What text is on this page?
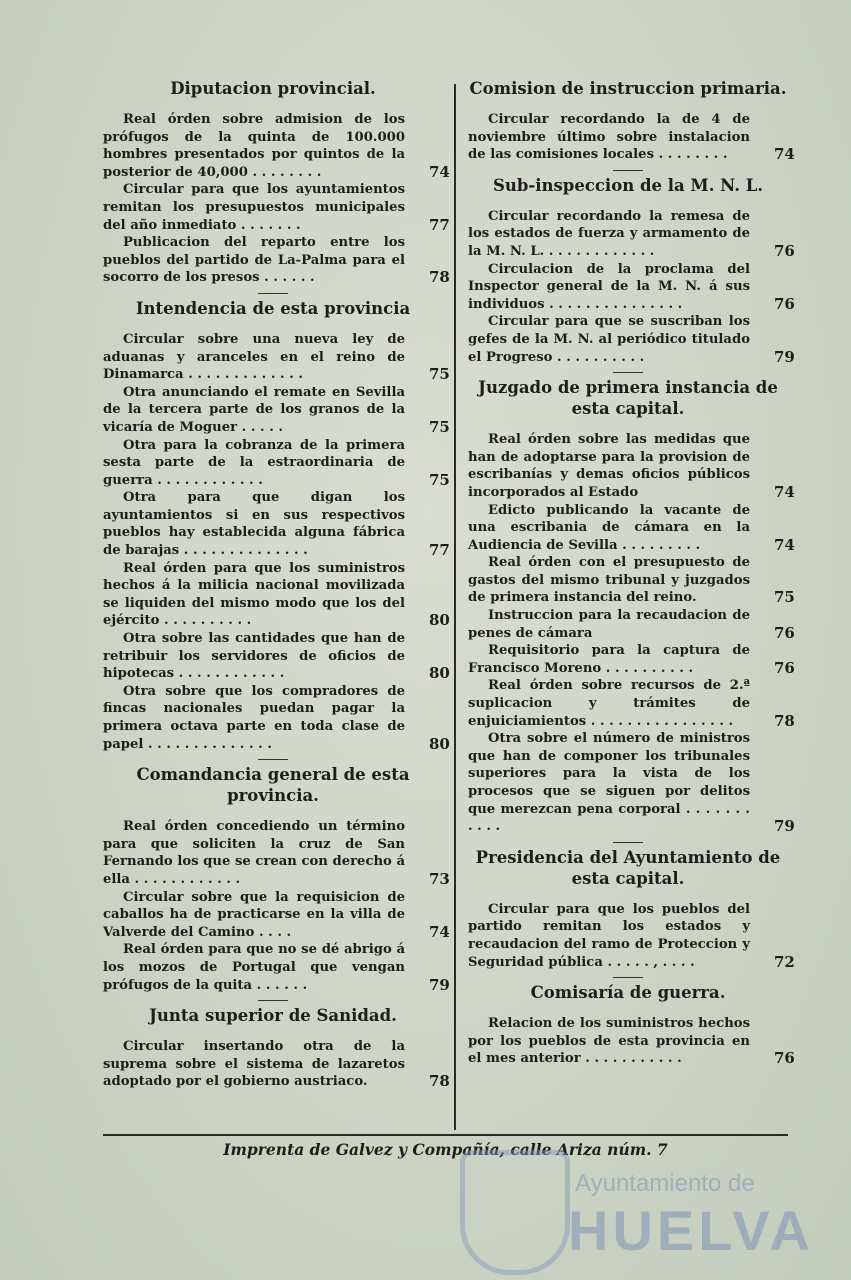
Diputacion provincial.
Real órden sobre admision de los prófugos de la quinta de 100.000 hombres presentados por quintos de la posterior de 40,000 . . . . . . . .	74
Circular para que los ayuntamientos remitan los presupuestos municipales del año inmediato . . . . . . .	77
Publicacion del reparto entre los pueblos del partido de La-Palma para el socorro de los presos . . . . . .	78
Intendencia de esta provincia
Circular sobre una nueva ley de aduanas y aranceles en el reino de Dinamarca . . . . . . . . . . . . .	75
Otra anunciando el remate en Sevilla de la tercera parte de los granos de la vicaría de Moguer . . . . .	75
Otra para la cobranza de la primera sesta parte de la estraordinaria de guerra . . . . . . . . . . . .	75
Otra para que digan los ayuntamientos si en sus respectivos pueblos hay establecida alguna fábrica de barajas . . . . . . . . . . . . . .	77
Real órden para que los suministros hechos á la milicia nacional movilizada se liquiden del mismo modo que los del ejército . . . . . . . . . .	80
Otra sobre las cantidades que han de retribuir los servidores de oficios de hipotecas . . . . . . . . . . . .	80
Otra sobre que los compradores de fincas nacionales puedan pagar la primera octava parte en toda clase de papel . . . . . . . . . . . . . .	80
Comandancia general de esta provincia.
Real órden concediendo un término para que soliciten la cruz de San Fernando los que se crean con derecho á ella . . . . . . . . . . . .	73
Circular sobre que la requisicion de caballos ha de practicarse en la villa de Valverde del Camino . . . .	74
Real órden para que no se dé abrigo á los mozos de Portugal que vengan prófugos de la quita . . . . . .	79
Junta superior de Sanidad.
Circular insertando otra de la suprema sobre el sistema de lazaretos adoptado por el gobierno austriaco.	78
Comision de instruccion primaria.
Circular recordando la de 4 de noviembre último sobre instalacion de las comisiones locales . . . . . . . .	74
Sub-inspeccion de la M. N. L.
Circular recordando la remesa de los estados de fuerza y armamento de la M. N. L. . . . . . . . . . . . .	76
Circulacion de la proclama del Inspector general de la M. N. á sus individuos . . . . . . . . . . . . . . .	76
Circular para que se suscriban los gefes de la M. N. al periódico titulado el Progreso . . . . . . . . . .	79
Juzgado de primera instancia de esta capital.
Real órden sobre las medidas que han de adoptarse para la provision de escribanías y demas oficios públicos incorporados al Estado	74
Edicto publicando la vacante de una escribania de cámara en la Audiencia de Sevilla . . . . . . . . .	74
Real órden con el presupuesto de gastos del mismo tribunal y juzgados de primera instancia del reino.	75
Instruccion para la recaudacion de penes de cámara	76
Requisitorio para la captura de Francisco Moreno . . . . . . . . . .	76
Real órden sobre recursos de 2.ª suplicacion y trámites de enjuiciamientos . . . . . . . . . . . . . . . .	78
Otra sobre el número de ministros que han de componer los tribunales superiores para la vista de los procesos que se siguen por delitos que merezcan pena corporal . . . . . . . . . . .	79
Presidencia del Ayuntamiento de esta capital.
Circular para que los pueblos del partido remitan los estados y recaudacion del ramo de Proteccion y Seguridad pública . . . . . , . . . .	72
Comisaría de guerra.
Relacion de los suministros hechos por los pueblos de esta provincia en el mes anterior . . . . . . . . . . .	76
Imprenta de Galvez y Compañía, calle Ariza núm. 7
Ayuntamiento de
HUELVA
